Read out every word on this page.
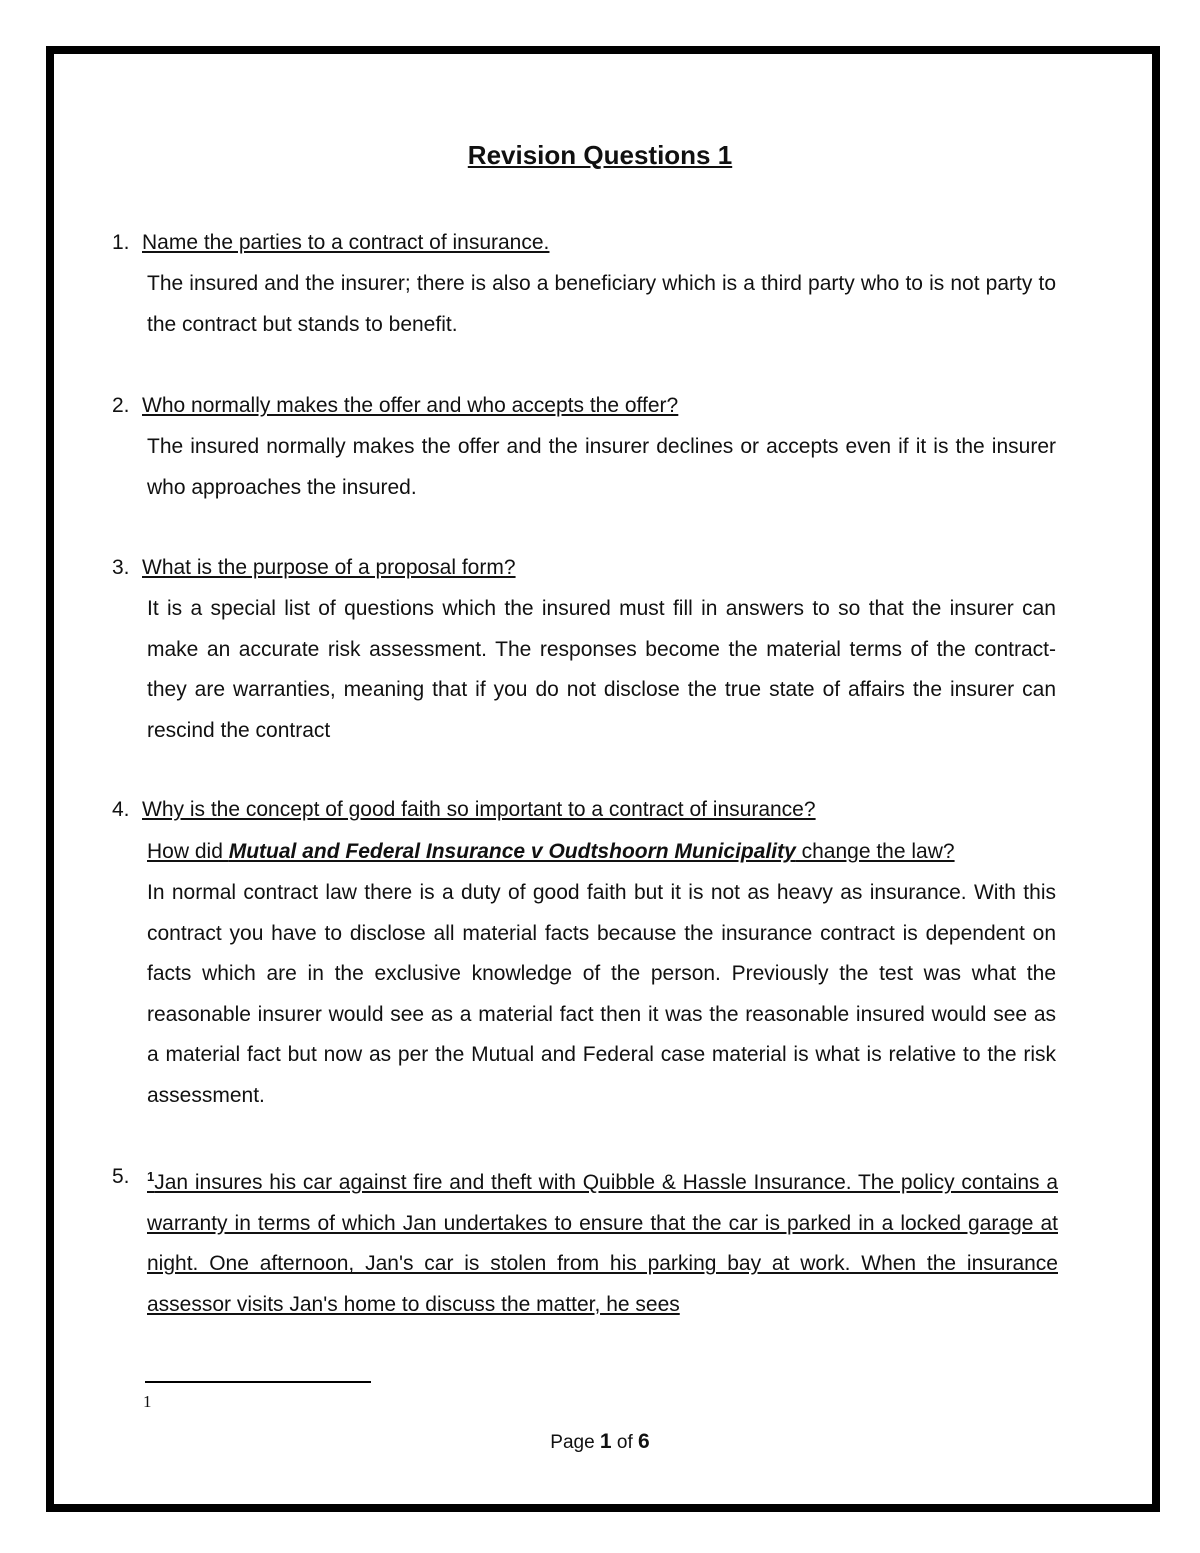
Revision Questions 1
1. Name the parties to a contract of insurance.
The insured and the insurer; there is also a beneficiary which is a third party who to is not party to the contract but stands to benefit.
2. Who normally makes the offer and who accepts the offer?
The insured normally makes the offer and the insurer declines or accepts even if it is the insurer who approaches the insured.
3. What is the purpose of a proposal form?
It is a special list of questions which the insured must fill in answers to so that the insurer can make an accurate risk assessment. The responses become the material terms of the contract- they are warranties, meaning that if you do not disclose the true state of affairs the insurer can rescind the contract
4. Why is the concept of good faith so important to a contract of insurance?
How did Mutual and Federal Insurance v Oudtshoorn Municipality change the law?
In normal contract law there is a duty of good faith but it is not as heavy as insurance. With this contract you have to disclose all material facts because the insurance contract is dependent on facts which are in the exclusive knowledge of the person. Previously the test was what the reasonable insurer would see as a material fact then it was the reasonable insured would see as a material fact but now as per the Mutual and Federal case material is what is relative to the risk assessment.
5. $^1$Jan insures his car against fire and theft with Quibble & Hassle Insurance. The policy contains a warranty in terms of which Jan undertakes to ensure that the car is parked in a locked garage at night. One afternoon, Jan's car is stolen from his parking bay at work. When the insurance assessor visits Jan's home to discuss the matter, he sees
1
Page 1 of 6
